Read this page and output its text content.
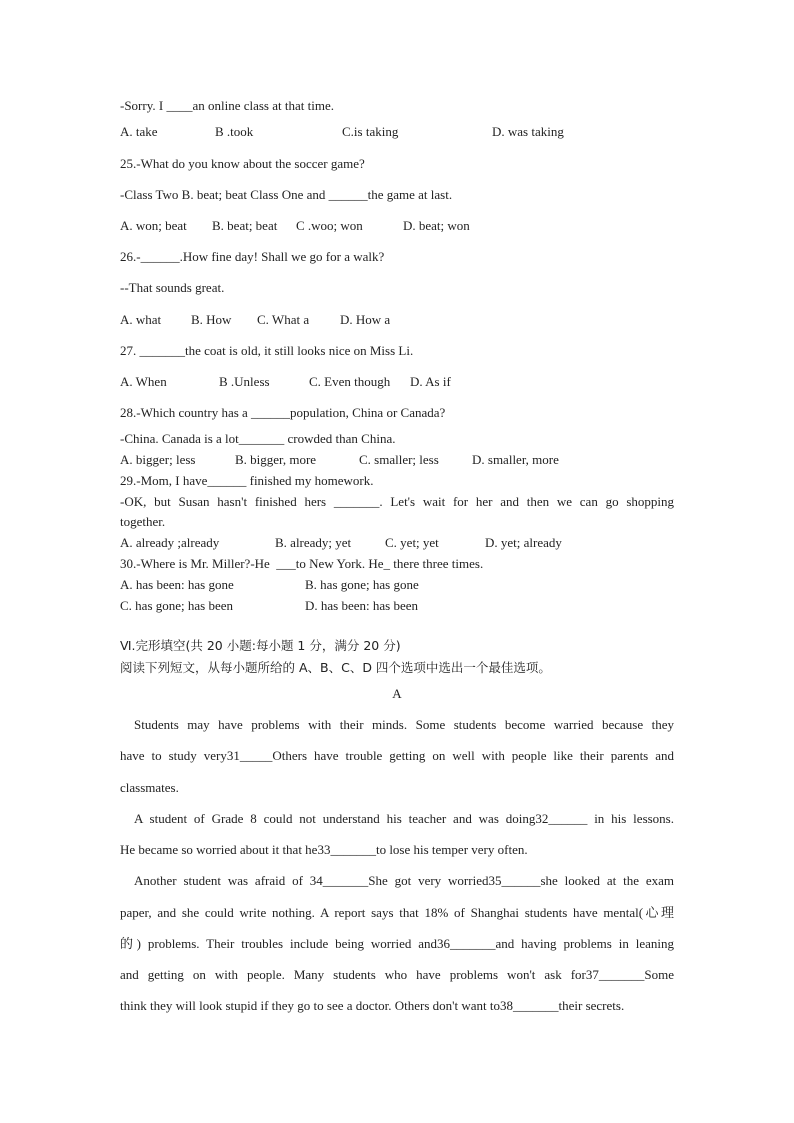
-Sorry. I ____an online class at that time.
A. take	B .took	C.is taking	D. was taking
25.-What do you know about the soccer game?
-Class Two B. beat; beat Class One and ______the game at last.
A. won; beat B. beat; beat C .woo; won	D. beat; won
26.-______.How fine day! Shall we go for a walk?
--That sounds great.
A. what B. How C. What a D. How a
27. _______the coat is old, it still looks nice on Miss Li.
A. When	B .Unless	C. Even though D. As if
28.-Which country has a ______population, China or Canada?
-China. Canada is a lot_______ crowded than China.
A. bigger; less	B. bigger, more	C. smaller; less	D. smaller, more
29.-Mom, I have______ finished my homework.
-OK, but Susan hasn't finished hers _______. Let's wait for her and then we can go shopping
together.
A. already ;already	B. already; yet	C. yet; yet	D. yet; already
30.-Where is Mr. Miller?-He  ___to New York. He_ there three times.
A. has been: has gone	B. has gone; has gone
C. has gone; has been	D. has been: has been
Ⅵ.完形填空(共 20 小题:每小题 1 分，满分 20 分)
阅读下列短文，从每小题所给的 A、B、C、D 四个选项中选出一个最佳选项。
A
Students may have problems with their minds. Some students become warried because they
have to study very31_____Others have trouble getting on well with people like their parents and
classmates.
A student of Grade 8 could not understand his teacher and was doing32______ in his lessons.
He became so worried about it that he33_______to lose his temper very often.
Another student was afraid of 34_______She got very worried35______she looked at the exam
paper, and she could write nothing. A report says that 18% of Shanghai students have mental(心理
的) problems. Their troubles include being worried and36_______and having problems in leaning
and getting on with people. Many students who have problems won't ask for37_______Some
think they will look stupid if they go to see a doctor. Others don't want to38_______their secrets.
